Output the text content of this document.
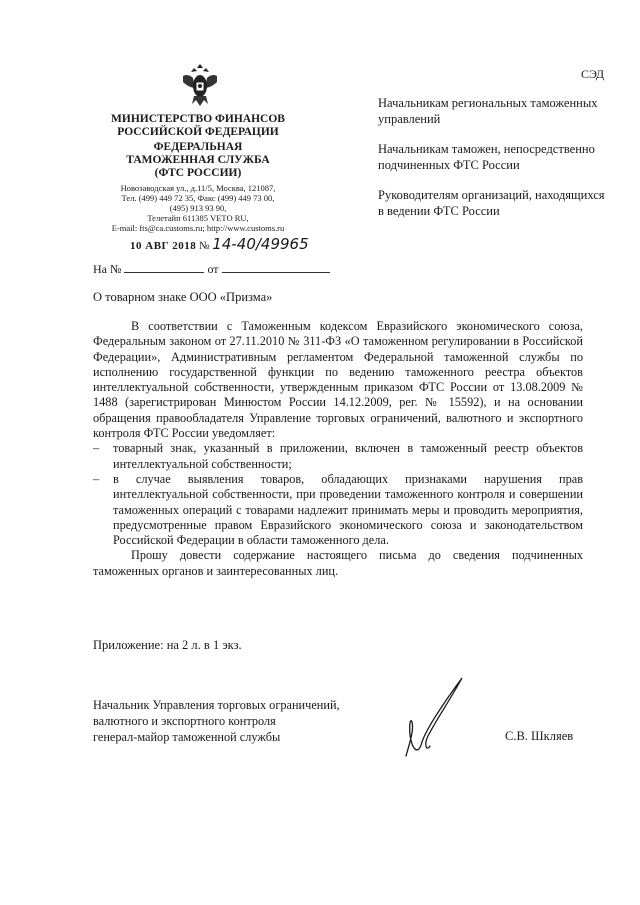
СЭД
МИНИСТЕРСТВО ФИНАНСОВ
РОССИЙСКОЙ ФЕДЕРАЦИИ
ФЕДЕРАЛЬНАЯ
ТАМОЖЕННАЯ СЛУЖБА
(ФТС РОССИИ)
Новозаводская ул., д.11/5, Москва, 121087,
Тел. (499) 449 72 35, Факс (499) 449 73 00,
(495) 913 93 90,
Телетайп 611385 VETO RU,
E-mail: fts@ca.customs.ru; http://www.customs.ru
10 АВГ 2018 № 14-40/49965
На №	от
О товарном знаке ООО «Призма»
Начальникам региональных таможенных управлений
Начальникам таможен, непосредственно подчиненных ФТС России
Руководителям организаций, находящихся в ведении ФТС России

В соответствии с Таможенным кодексом Евразийского экономического союза, Федеральным законом от 27.11.2010 № 311-ФЗ «О таможенном регулировании в Российской Федерации», Административным регламентом Федеральной таможенной службы по исполнению государственной функции по ведению таможенного реестра объектов интеллектуальной собственности, утвержденным приказом ФТС России от 13.08.2009 № 1488 (зарегистрирован Минюстом России 14.12.2009, рег. № 15592), и на основании обращения правообладателя Управление торговых ограничений, валютного и экспортного контроля ФТС России уведомляет:

– товарный знак, указанный в приложении, включен в таможенный реестр объектов интеллектуальной собственности;

– в случае выявления товаров, обладающих признаками нарушения прав интеллектуальной собственности, при проведении таможенного контроля и совершении таможенных операций с товарами надлежит принимать меры и проводить мероприятия, предусмотренные правом Евразийского экономического союза и законодательством Российской Федерации в области таможенного дела.

Прошу довести содержание настоящего письма до сведения подчиненных таможенных органов и заинтересованных лиц.

Приложение: на 2 л. в 1 экз.
Начальник Управления торговых ограничений,
валютного и экспортного контроля
генерал-майор таможенной службы	С.В. Шкляев
